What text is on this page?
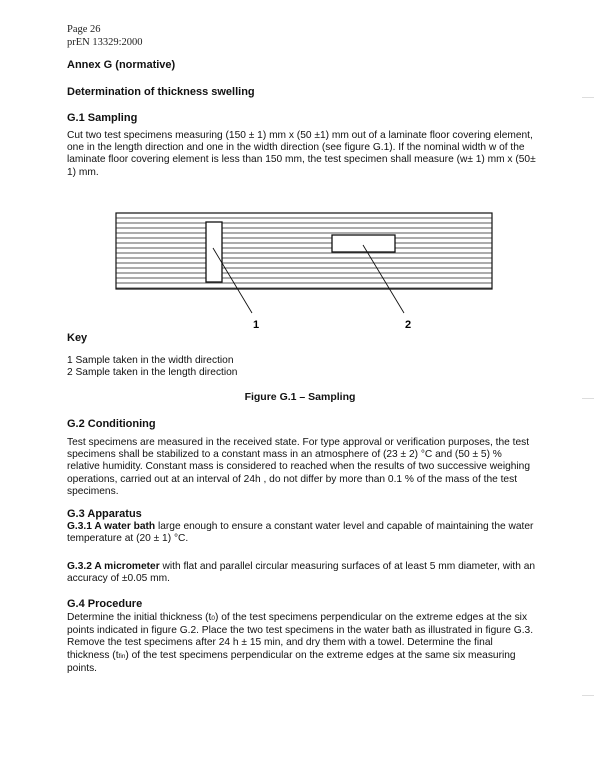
Page 26
prEN 13329:2000
Annex G (normative)
Determination of thickness swelling
G.1 Sampling
Cut two test specimens measuring (150 ± 1) mm x (50 ±1) mm out of a laminate floor covering element, one in the length direction and one in the width direction (see figure G.1). If the nominal width w of the laminate floor covering element is less than 150 mm, the test specimen shall measure (w± 1) mm x (50± 1) mm.
1	2
Key
1 Sample taken in the width direction
2 Sample taken in the length direction
Figure G.1 – Sampling
G.2 Conditioning
Test specimens are measured in the received state. For type approval or verification purposes, the test specimens shall be stabilized to a constant mass in an atmosphere of (23 ± 2) °C and (50 ± 5) % relative humidity. Constant mass is considered to reached when the results of two successive weighing operations, carried out at an interval of 24h , do not differ by more than 0.1 % of the mass of the test specimens.
G.3 Apparatus
G.3.1 A water bath large enough to ensure a constant water level and capable of maintaining the water temperature at (20 ± 1) °C.
G.3.2 A micrometer with flat and parallel circular measuring surfaces of at least 5 mm diameter, with an accuracy of ±0.05 mm.
G.4 Procedure
Determine the initial thickness (t0) of the test specimens perpendicular on the extreme edges at the six points indicated in figure G.2. Place the two test specimens in the water bath as illustrated in figure G.3. Remove the test specimens after 24 h ± 15 min, and dry them with a towel. Determine the final thickness (tfin) of the test specimens perpendicular on the extreme edges at the same six measuring points.
